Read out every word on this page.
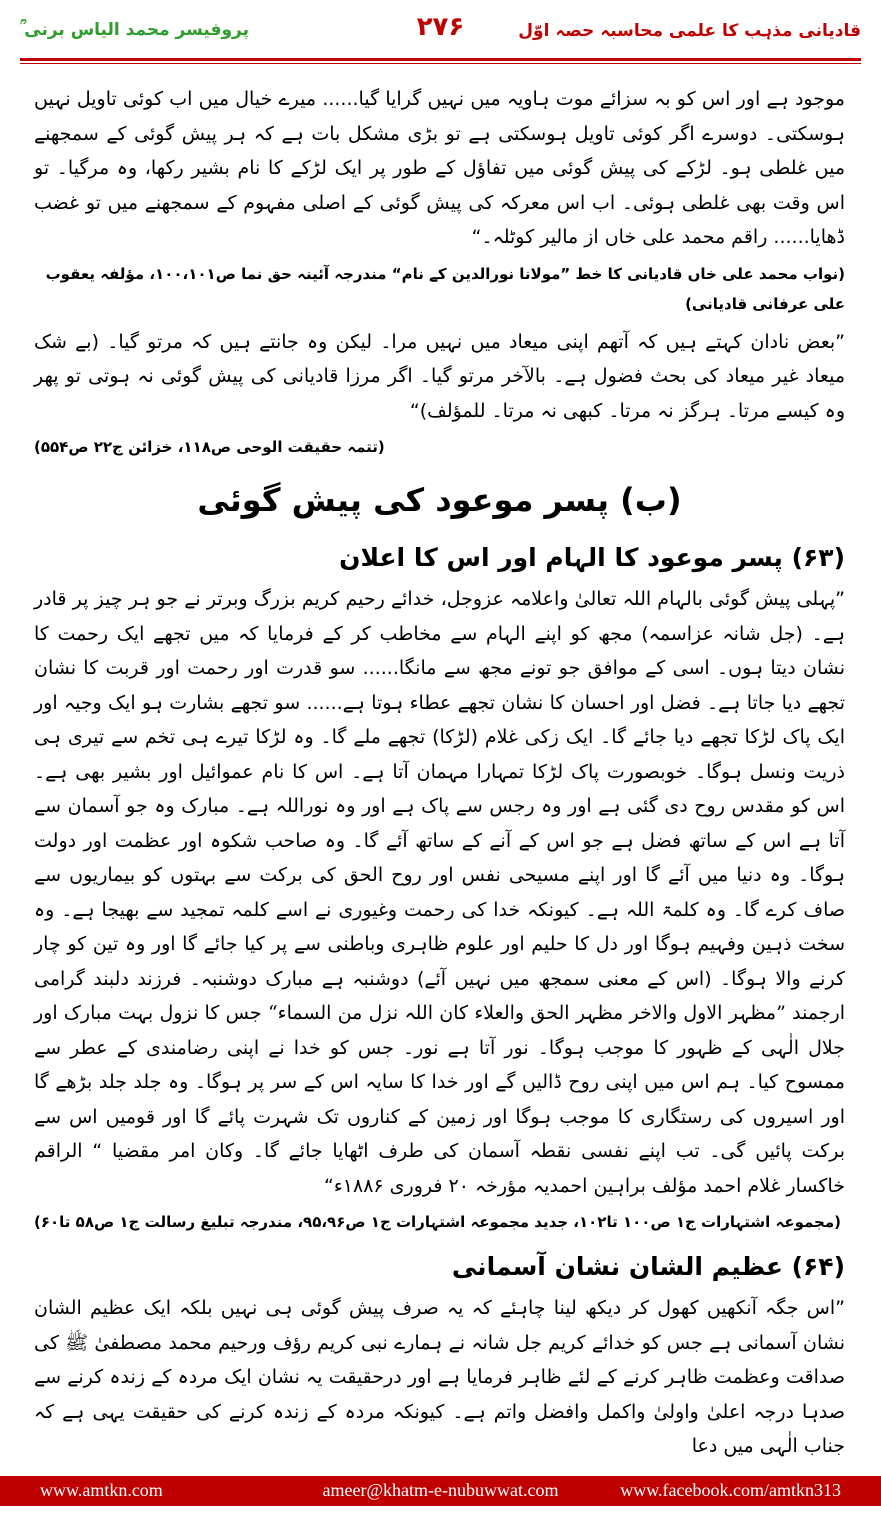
قادیانی مذہب کا علمی محاسبہ حصہ اوّل
۲۷۶
پروفیسر محمد الیاس برنی ؒ

موجود ہے اور اس کو بہ سزائے موت ہاویہ میں نہیں گرایا گیا...... میرے خیال میں اب کوئی تاویل نہیں ہوسکتی۔ دوسرے اگر کوئی تاویل ہوسکتی ہے تو بڑی مشکل بات ہے کہ ہر پیش گوئی کے سمجھنے میں غلطی ہو۔ لڑکے کی پیش گوئی میں تفاؤل کے طور پر ایک لڑکے کا نام بشیر رکھا، وہ مرگیا۔ تو اس وقت بھی غلطی ہوئی۔ اب اس معرکہ کی پیش گوئی کے اصلی مفہوم کے سمجھنے میں تو غضب ڈھایا...... راقم محمد علی خاں از مالیر کوٹلہ۔“

(نواب محمد علی خاں قادیانی کا خط ”مولانا نورالدین کے نام“ مندرجہ آئینہ حق نما ص۱۰۰،۱۰۱، مؤلفہ یعقوب علی عرفانی قادیانی)

”بعض نادان کہتے ہیں کہ آتھم اپنی میعاد میں نہیں مرا۔ لیکن وہ جانتے ہیں کہ مرتو گیا۔ (بے شک میعاد غیر میعاد کی بحث فضول ہے۔ بالآخر مرتو گیا۔ اگر مرزا قادیانی کی پیش گوئی نہ ہوتی تو پھر وہ کیسے مرتا۔ ہرگز نہ مرتا۔ کبھی نہ مرتا۔ للمؤلف)“

(تتمہ حقیقت الوحی ص۱۱۸، خزائن ج۲۲ ص۵۵۴)

(ب) پسر موعود کی پیش گوئی
(۶۳) پسر موعود کا الہام اور اس کا اعلان

”پہلی پیش گوئی بالہام اللہ تعالیٰ واعلامہ عزوجل، خدائے رحیم کریم بزرگ وبرتر نے جو ہر چیز پر قادر ہے۔ (جل شانہ عزاسمہ) مجھ کو اپنے الہام سے مخاطب کر کے فرمایا کہ میں تجھے ایک رحمت کا نشان دیتا ہوں۔ اسی کے موافق جو تونے مجھ سے مانگا...... سو قدرت اور رحمت اور قربت کا نشان تجھے دیا جاتا ہے۔ فضل اور احسان کا نشان تجھے عطاء ہوتا ہے...... سو تجھے بشارت ہو ایک وجیہ اور ایک پاک لڑکا تجھے دیا جائے گا۔ ایک زکی غلام (لڑکا) تجھے ملے گا۔ وہ لڑکا تیرے ہی تخم سے تیری ہی ذریت ونسل ہوگا۔ خوبصورت پاک لڑکا تمہارا مہمان آتا ہے۔ اس کا نام عموائیل اور بشیر بھی ہے۔ اس کو مقدس روح دی گئی ہے اور وہ رجس سے پاک ہے اور وہ نوراللہ ہے۔ مبارک وہ جو آسمان سے آتا ہے اس کے ساتھ فضل ہے جو اس کے آنے کے ساتھ آئے گا۔ وہ صاحب شکوہ اور عظمت اور دولت ہوگا۔ وہ دنیا میں آئے گا اور اپنے مسیحی نفس اور روح الحق کی برکت سے بہتوں کو بیماریوں سے صاف کرے گا۔ وہ کلمۃ اللہ ہے۔ کیونکہ خدا کی رحمت وغیوری نے اسے کلمہ تمجید سے بھیجا ہے۔ وہ سخت ذہین وفہیم ہوگا اور دل کا حلیم اور علوم ظاہری وباطنی سے پر کیا جائے گا اور وہ تین کو چار کرنے والا ہوگا۔ (اس کے معنی سمجھ میں نہیں آئے) دوشنبہ ہے مبارک دوشنبہ۔ فرزند دلبند گرامی ارجمند ”مظہر الاول والاخر مظہر الحق والعلاء کان اللہ نزل من السماء“ جس کا نزول بہت مبارک اور جلال الٰہی کے ظہور کا موجب ہوگا۔ نور آتا ہے نور۔ جس کو خدا نے اپنی رضامندی کے عطر سے ممسوح کیا۔ ہم اس میں اپنی روح ڈالیں گے اور خدا کا سایہ اس کے سر پر ہوگا۔ وہ جلد جلد بڑھے گا اور اسیروں کی رستگاری کا موجب ہوگا اور زمین کے کناروں تک شہرت پائے گا اور قومیں اس سے برکت پائیں گی۔ تب اپنے نفسی نقطہ آسمان کی طرف اٹھایا جائے گا۔ وکان امر مقضیا “ الراقم خاکسار غلام احمد مؤلف براہین احمدیہ مؤرخہ ۲۰ فروری ۱۸۸۶ء“

(مجموعہ اشتہارات ج۱ ص۱۰۰ تا۱۰۲، جدید مجموعہ اشتہارات ج۱ ص۹۵،۹۶، مندرجہ تبلیغ رسالت ج۱ ص۵۸ تا۶۰)

(۶۴) عظیم الشان نشان آسمانی

”اس جگہ آنکھیں کھول کر دیکھ لینا چاہئے کہ یہ صرف پیش گوئی ہی نہیں بلکہ ایک عظیم الشان نشان آسمانی ہے جس کو خدائے کریم جل شانہ نے ہمارے نبی کریم رؤف ورحیم محمد مصطفیٰ ﷺ کی صداقت وعظمت ظاہر کرنے کے لئے ظاہر فرمایا ہے اور درحقیقت یہ نشان ایک مردہ کے زندہ کرنے سے صدہا درجہ اعلیٰ واولیٰ واکمل وافضل واتم ہے۔ کیونکہ مردہ کے زندہ کرنے کی حقیقت یہی ہے کہ جناب الٰہی میں دعا

www.amtkn.com	ameer@khatm-e-nubuwwat.com	www.facebook.com/amtkn313
